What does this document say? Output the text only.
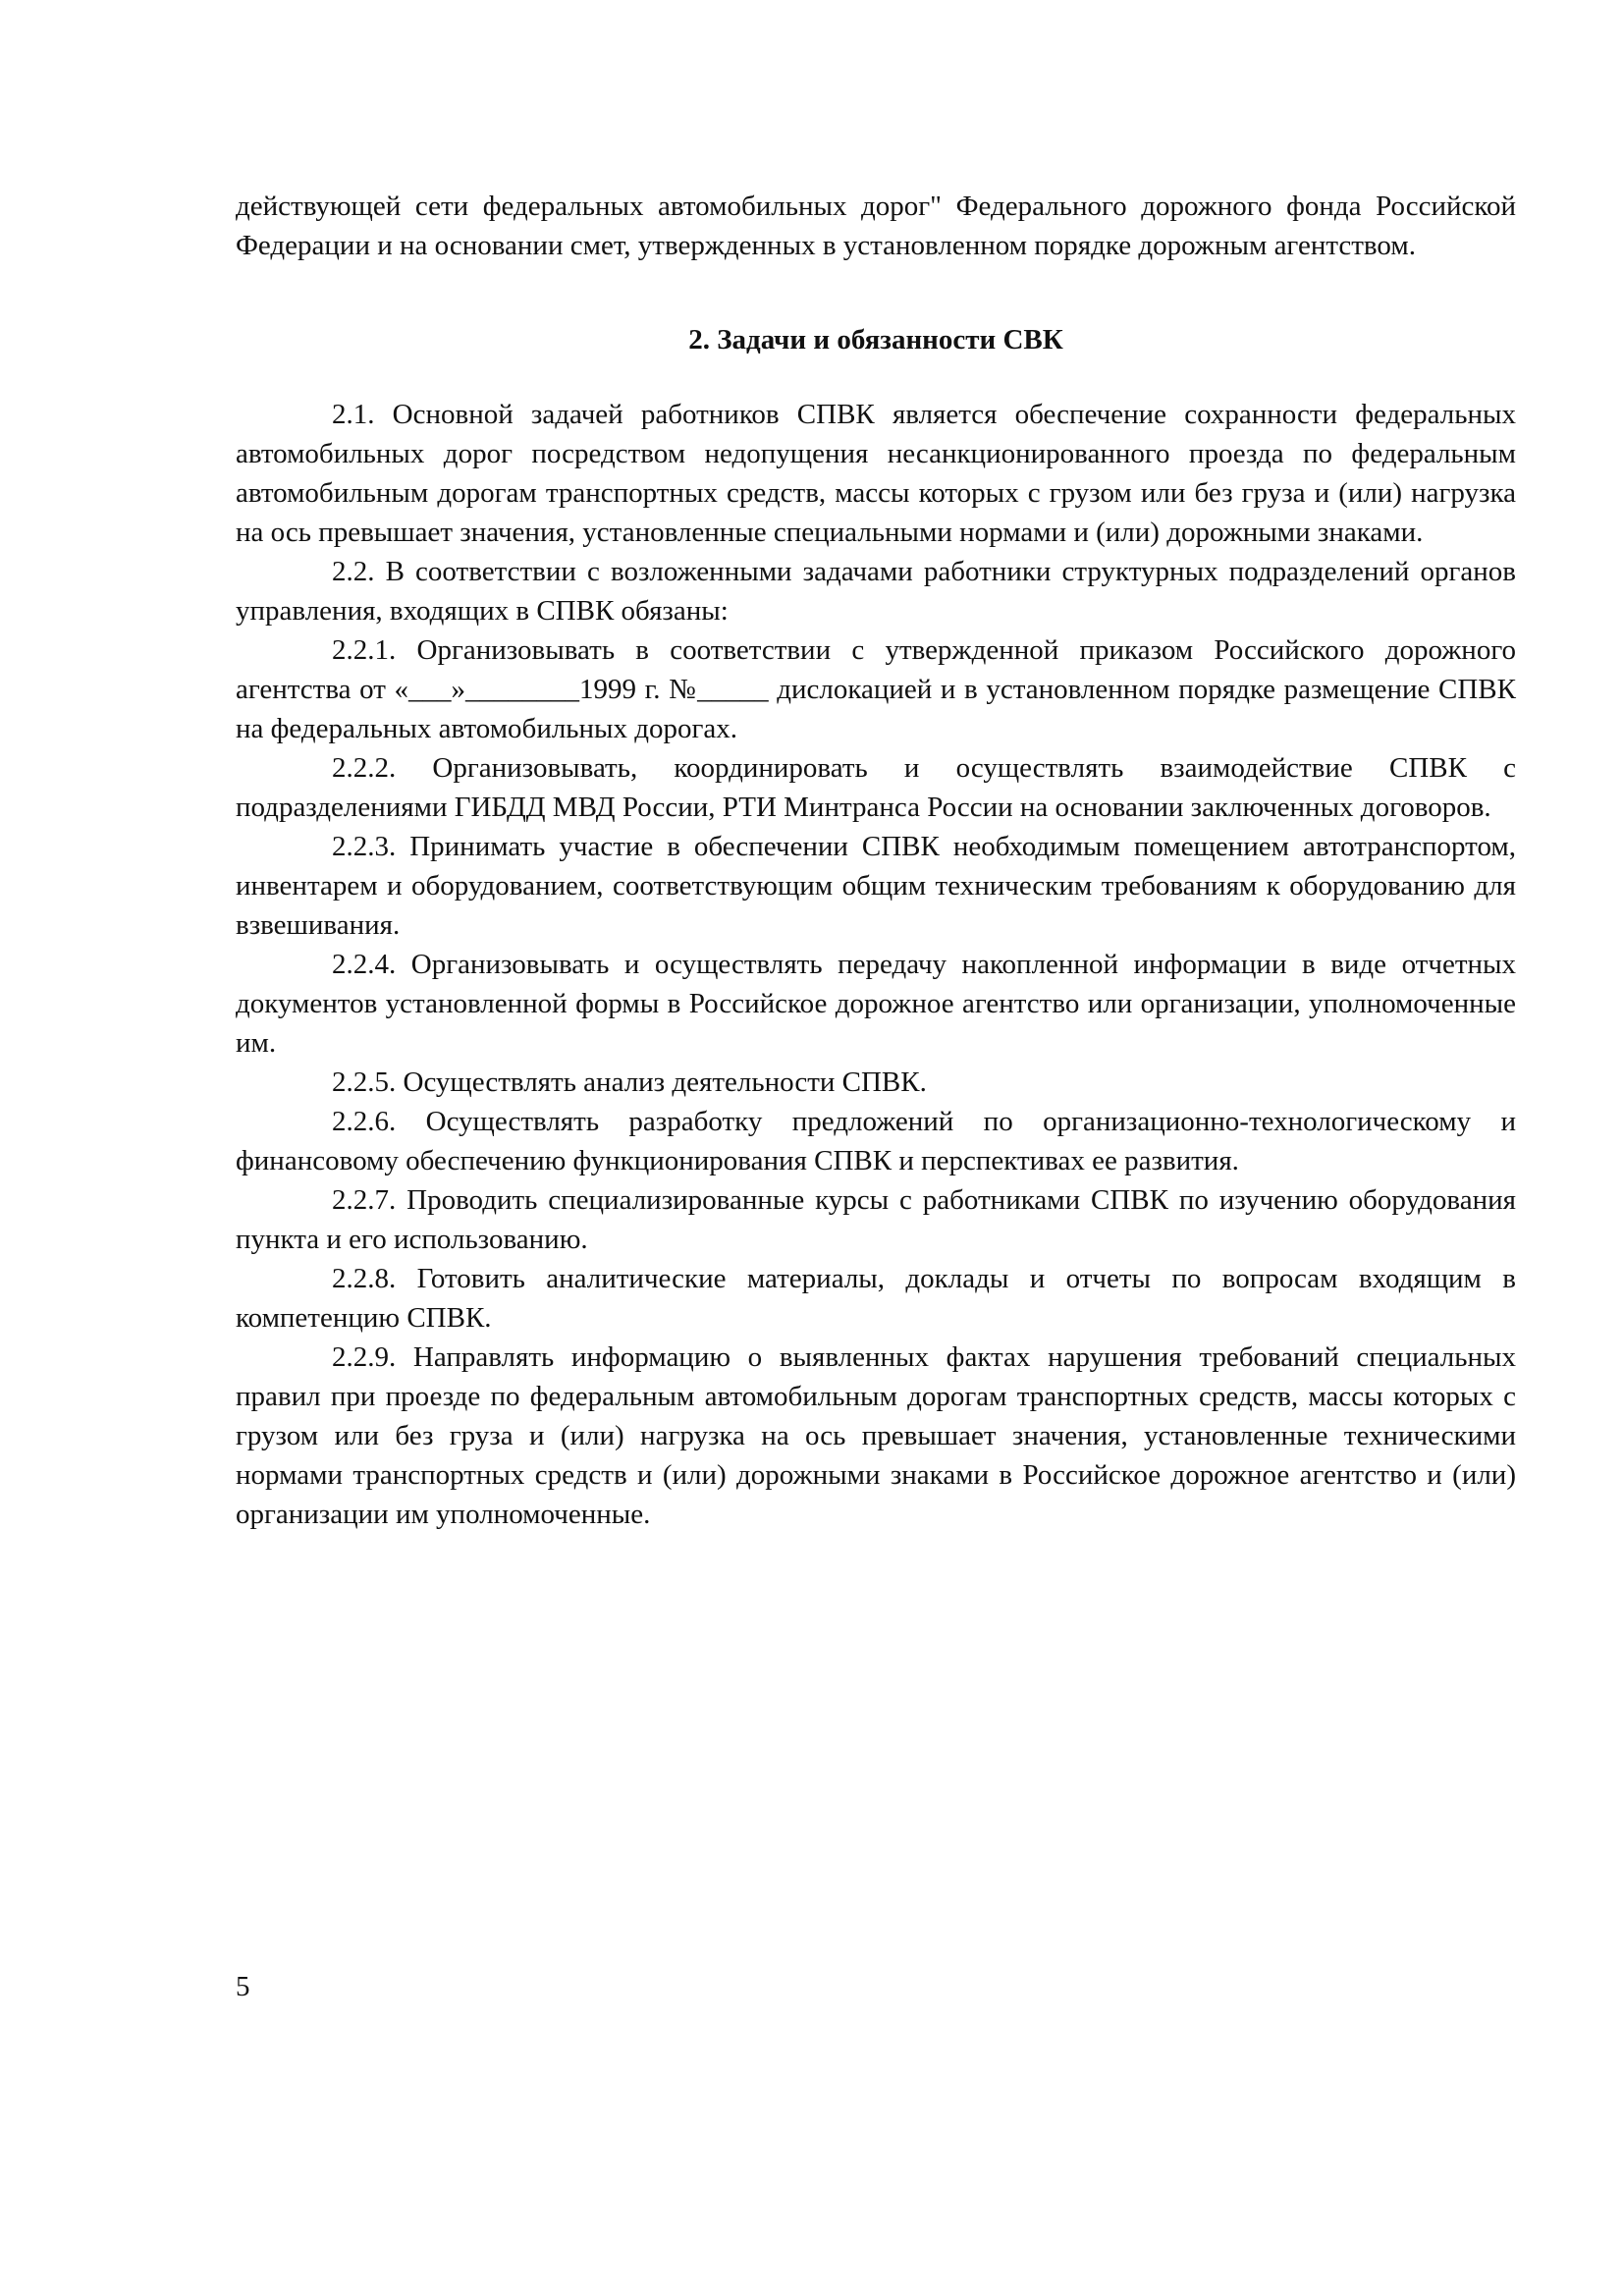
действующей сети федеральных автомобильных дорог" Федерального дорожного фонда Российской Федерации и на основании смет, утвержденных в установленном порядке дорожным агентством.

2. Задачи и обязанности СВК

2.1. Основной задачей работников СПВК является обеспечение сохранности федеральных автомобильных дорог посредством недопущения несанкционированного проезда по федеральным автомобильным дорогам транспортных средств, массы которых с грузом или без груза и (или) нагрузка на ось превышает значения, установленные специальными нормами и (или) дорожными знаками.

2.2. В соответствии с возложенными задачами работники структурных подразделений органов управления, входящих в СПВК обязаны:

2.2.1. Организовывать в соответствии с утвержденной приказом Российского дорожного агентства от «___»________1999 г. №_____ дислокацией и в установленном порядке размещение СПВК на федеральных автомобильных дорогах.

2.2.2. Организовывать, координировать и осуществлять взаимодействие СПВК с подразделениями ГИБДД МВД России, РТИ Минтранса России на основании заключенных договоров.

2.2.3. Принимать участие в обеспечении СПВК необходимым помещением автотранспортом, инвентарем и оборудованием, соответствующим общим техническим требованиям к оборудованию для взвешивания.

2.2.4. Организовывать и осуществлять передачу накопленной информации в виде отчетных документов установленной формы в Российское дорожное агентство или организации, уполномоченные им.

2.2.5. Осуществлять анализ деятельности СПВК.

2.2.6. Осуществлять разработку предложений по организационно-технологическому и финансовому обеспечению функционирования СПВК и перспективах ее развития.

2.2.7. Проводить специализированные курсы с работниками СПВК по изучению оборудования пункта и его использованию.

2.2.8. Готовить аналитические материалы, доклады и отчеты по вопросам входящим в компетенцию СПВК.

2.2.9. Направлять информацию о выявленных фактах нарушения требований специальных правил при проезде по федеральным автомобильным дорогам транспортных средств, массы которых с грузом или без груза и (или) нагрузка на ось превышает значения, установленные техническими нормами транспортных средств и (или) дорожными знаками в Российское дорожное агентство и (или) организации им уполномоченные.

5
